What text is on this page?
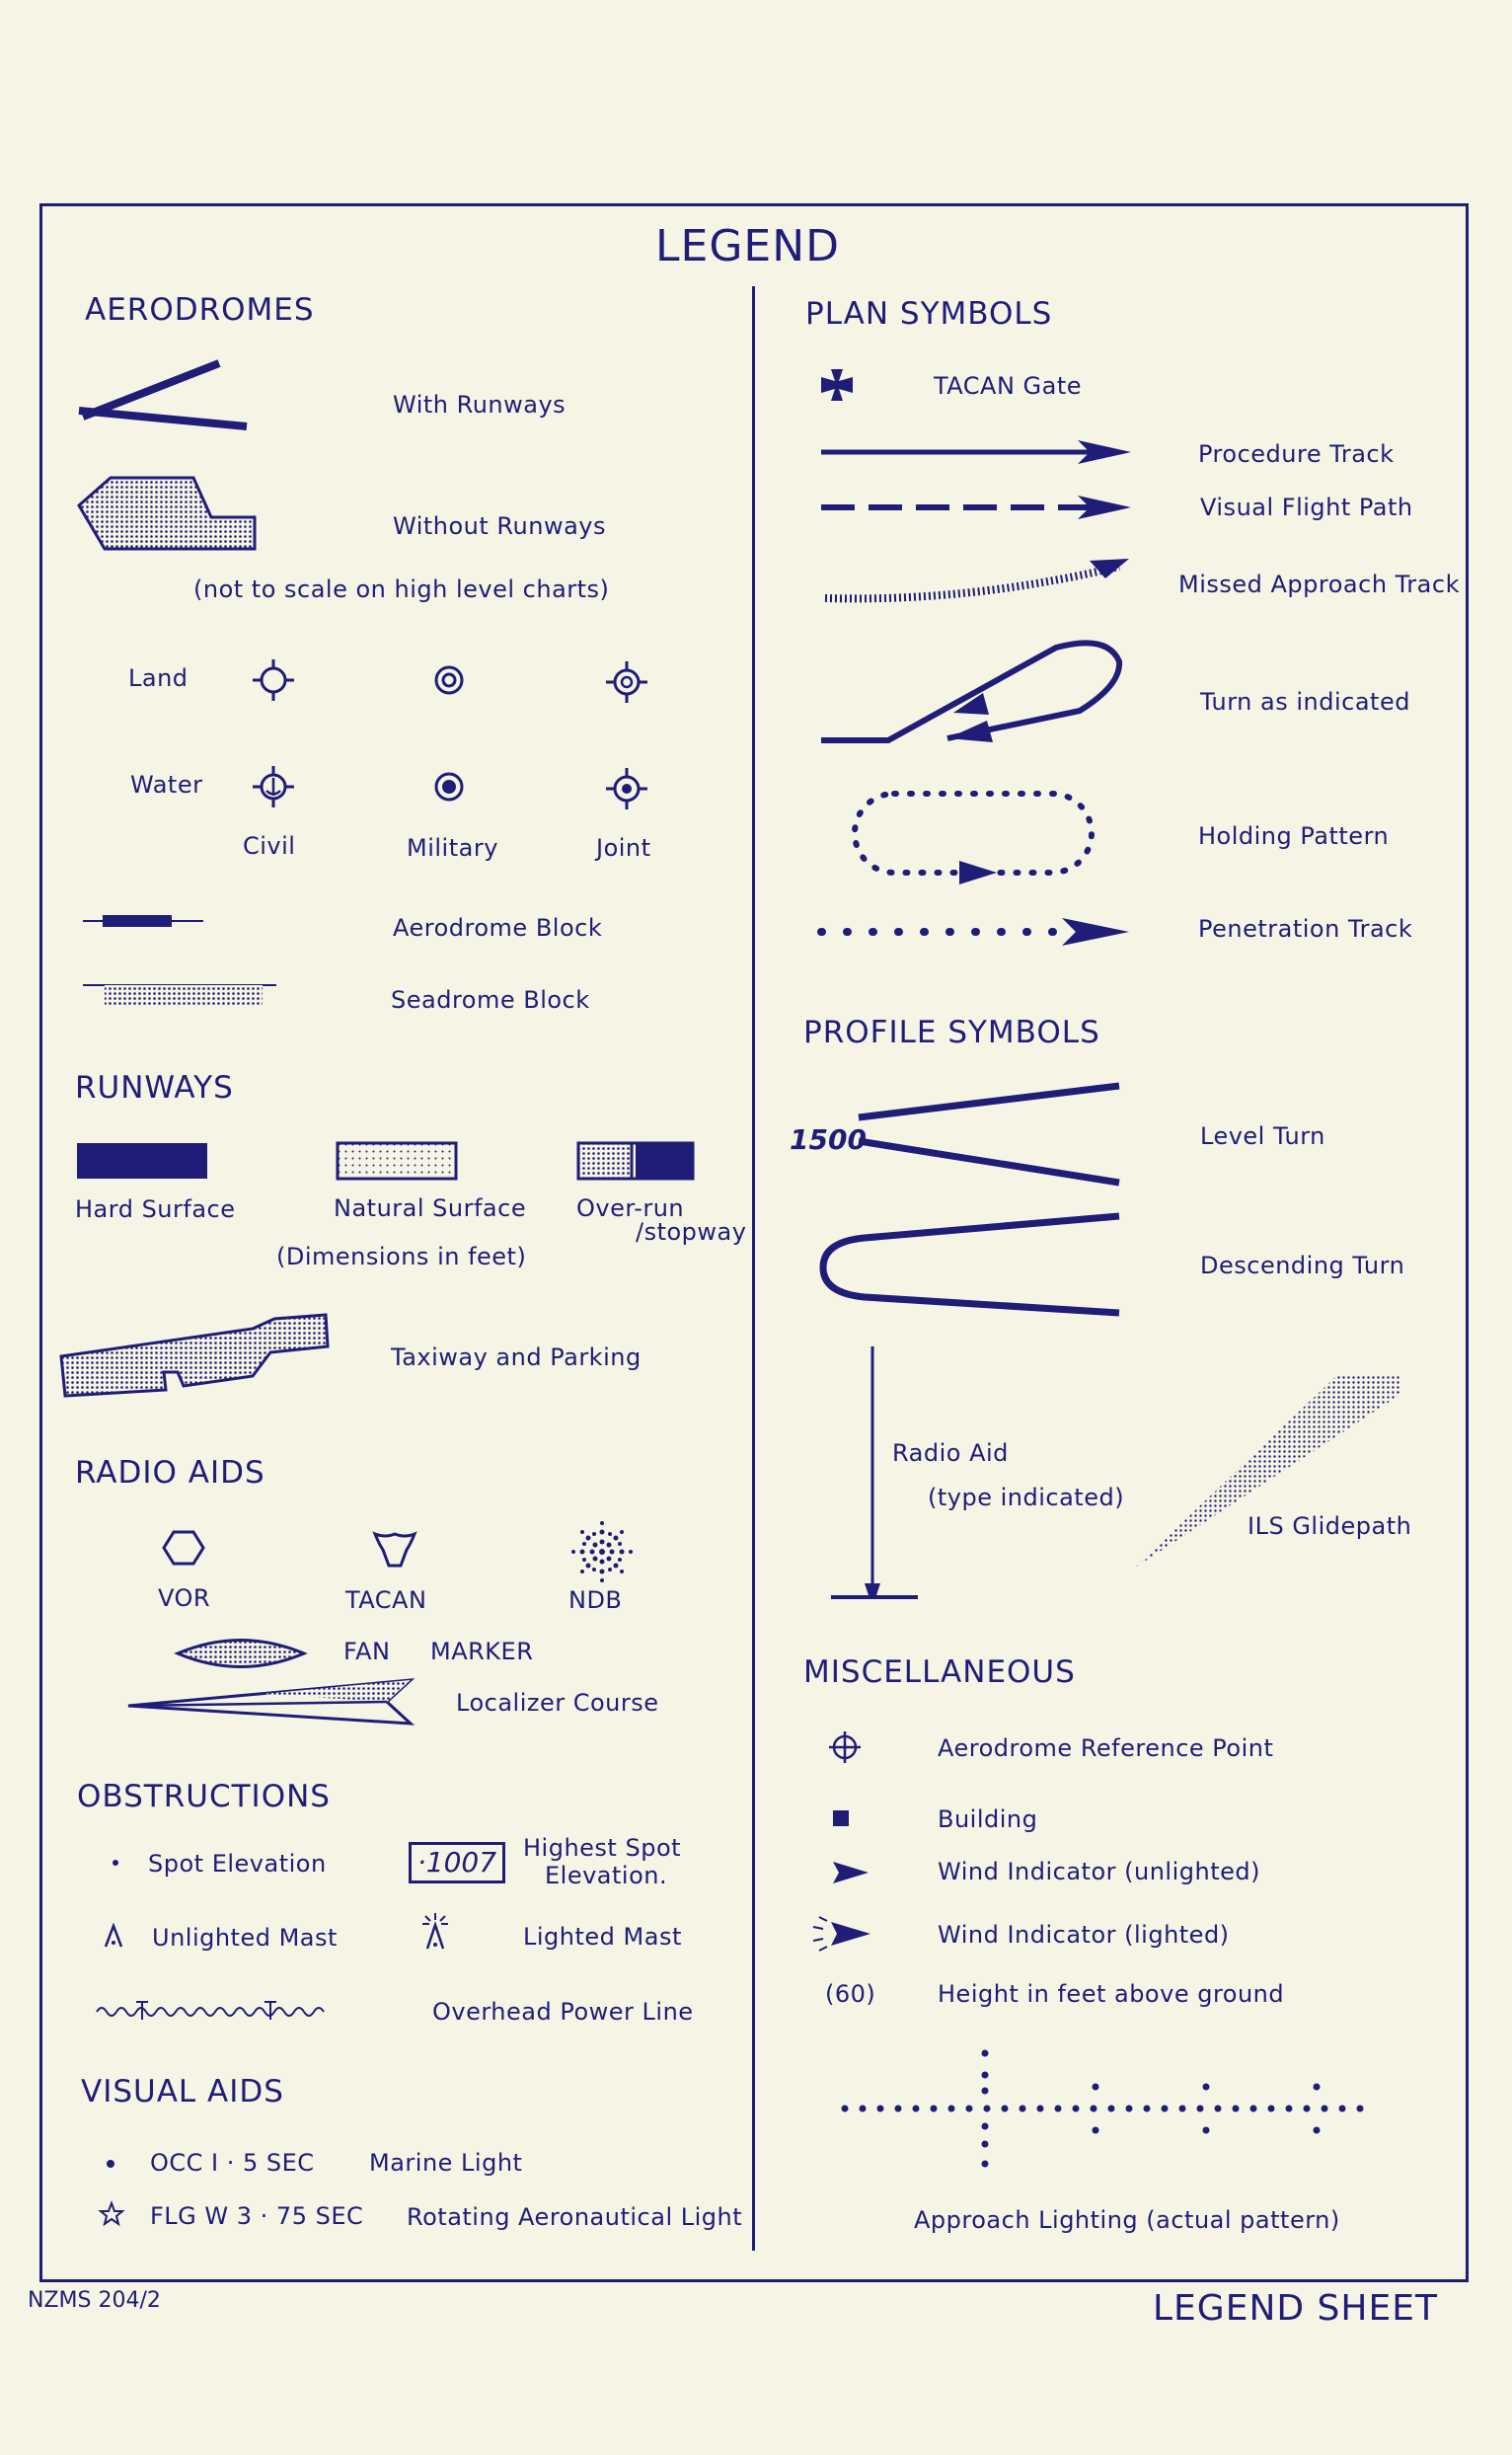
LEGEND
AERODROMES
With Runways
Without Runways
(not to scale on high level charts)
Land
Water
Civil	Military	Joint
Aerodrome Block
Seadrome Block
RUNWAYS
Hard Surface	Natural Surface Over-run
/stopway
(Dimensions in feet)
Taxiway and Parking
RADIO AIDS
VOR	TACAN	NDB
FAN MARKER
Localizer Course
OBSTRUCTIONS
Spot Elevation	·1007	Highest Spot
Elevation.
Unlighted Mast	Lighted Mast
Overhead Power Line
VISUAL AIDS
OCC I · 5 SEC Marine Light
FLG W 3 · 75 SEC Rotating Aeronautical Light
PLAN SYMBOLS
TACAN Gate
Procedure Track
Visual Flight Path
Missed Approach Track
Turn as indicated
Holding Pattern
Penetration Track
PROFILE SYMBOLS
1500	Level Turn
Descending Turn
Radio Aid
(type indicated)
ILS Glidepath
MISCELLANEOUS
Aerodrome Reference Point
Building
Wind Indicator (unlighted)
Wind Indicator (lighted)
(60)	Height in feet above ground
Approach Lighting (actual pattern)
NZMS 204/2	LEGEND SHEET
